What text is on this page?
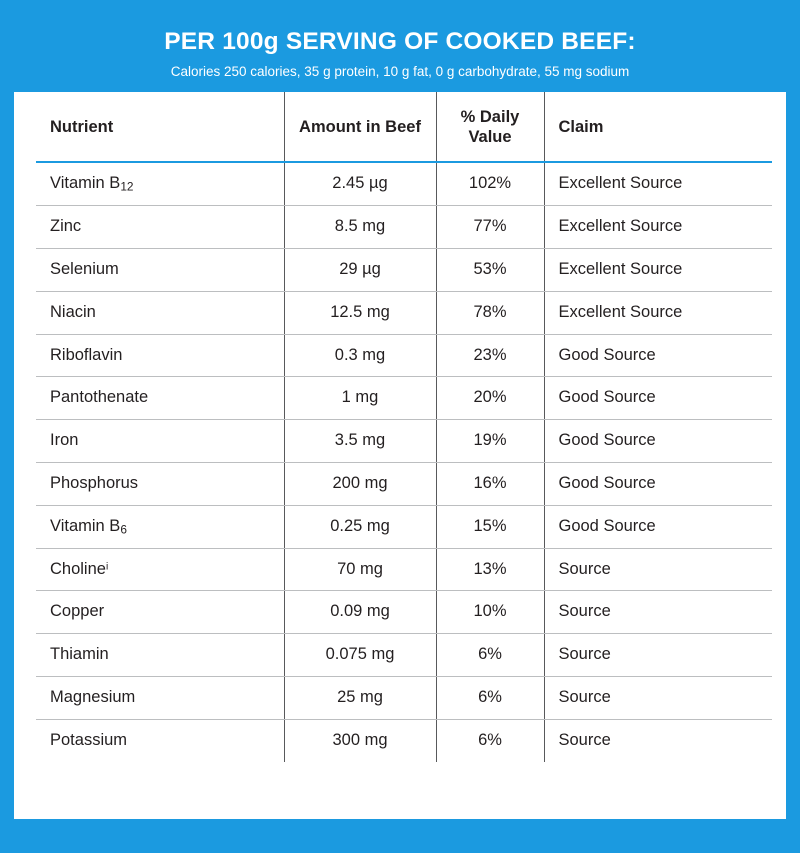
PER 100g SERVING OF COOKED BEEF:
Calories 250 calories, 35 g protein, 10 g fat, 0 g carbohydrate, 55 mg sodium
Nutrient	Amount in Beef	% Daily Value	Claim
Vitamin $B_{12}$	2.45 µg	102%	Excellent Source
Zinc	8.5 mg	77%	Excellent Source
Selenium	29 µg	53%	Excellent Source
Niacin	12.5 mg	78%	Excellent Source
Riboflavin	0.3 mg	23%	Good Source
Pantothenate	1 mg	20%	Good Source
Iron	3.5 mg	19%	Good Source
Phosphorus	200 mg	16%	Good Source
Vitamin $B_6$	0.25 mg	15%	Good Source
Choline$^i$	70 mg	13%	Source
Copper	0.09 mg	10%	Source
Thiamin	0.075 mg	6%	Source
Magnesium	25 mg	6%	Source
Potassium	300 mg	6%	Source
